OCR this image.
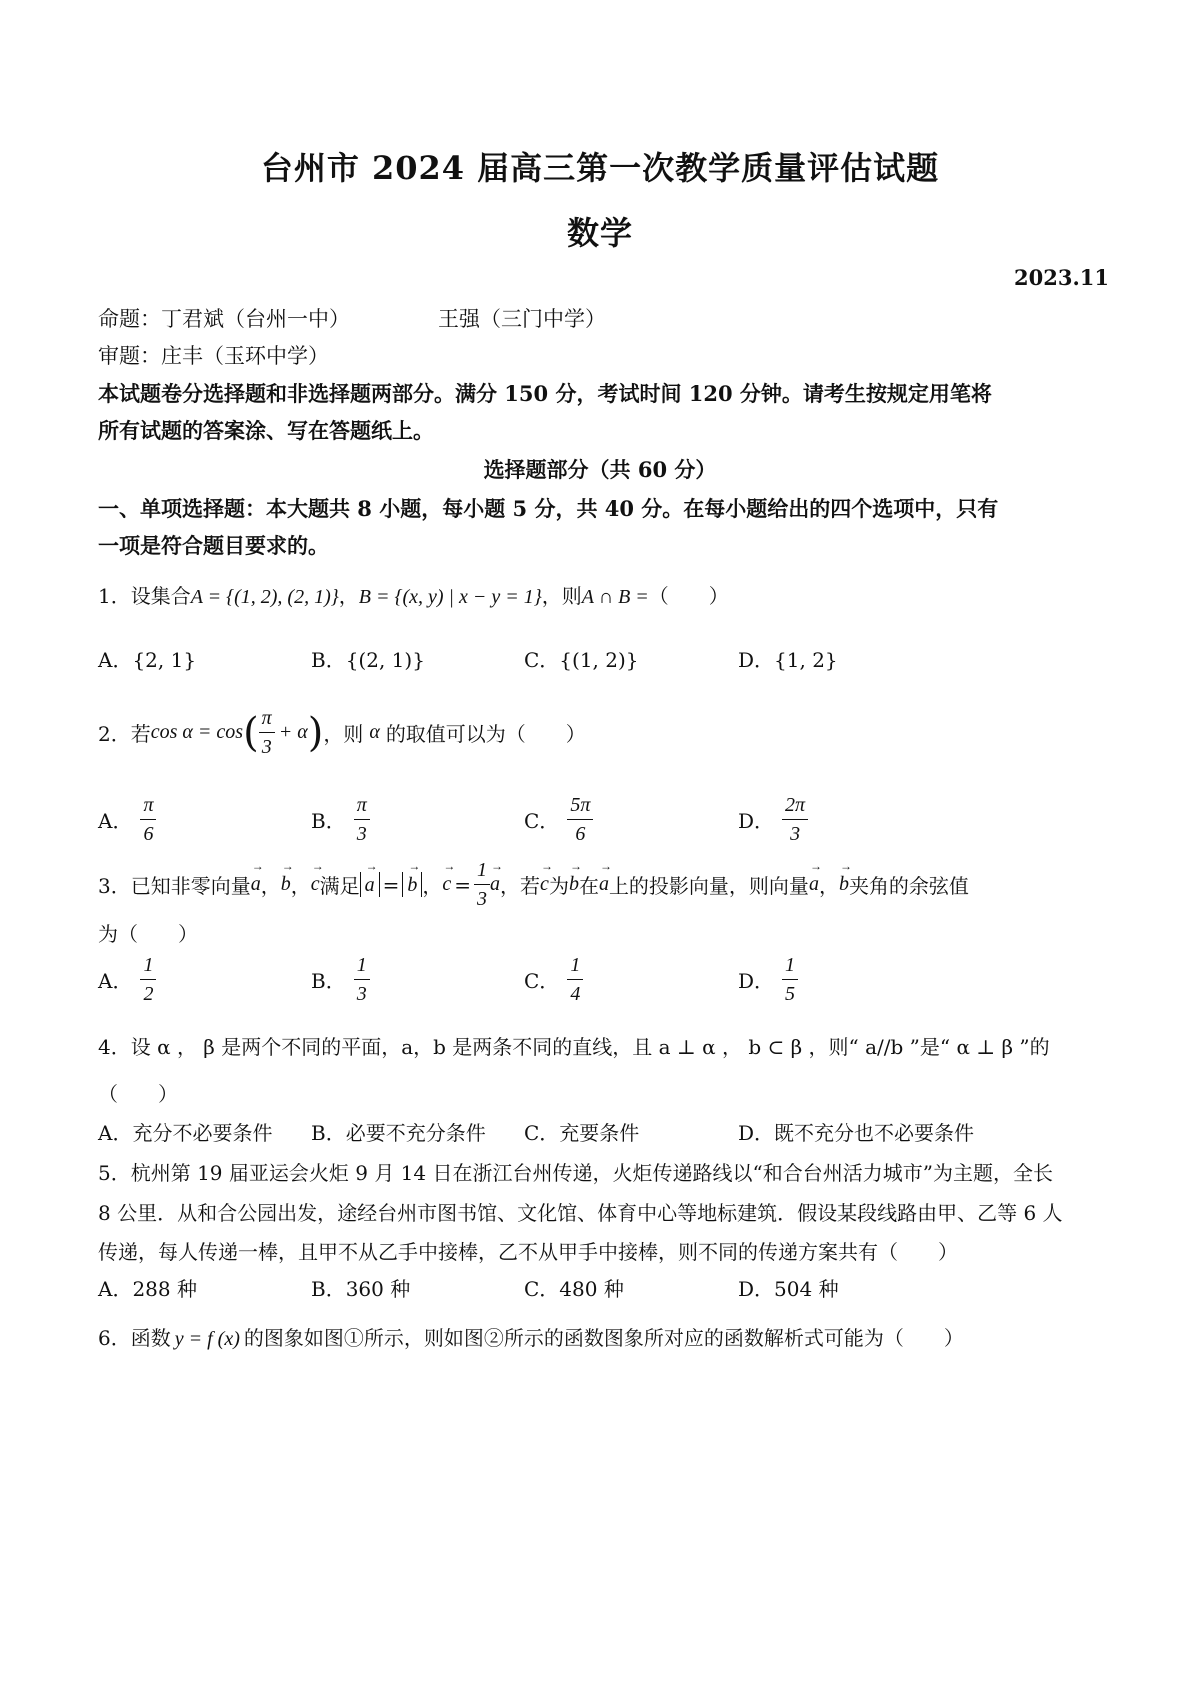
台州市 2024 届高三第一次教学质量评估试题
数学
2023.11
命题：丁君斌（台州一中）	王强（三门中学）
审题：庄丰（玉环中学）
本试题卷分选择题和非选择题两部分。满分 150 分，考试时间 120 分钟。请考生按规定用笔将
所有试题的答案涂、写在答题纸上。
选择题部分（共 60 分）
一、单项选择题：本大题共 8 小题，每小题 5 分，共 40 分。在每小题给出的四个选项中，只有
一项是符合题目要求的。
1．设集合A = {(1, 2), (2, 1)}，B = {(x, y) | x − y = 1}，则A ∩ B =（　　）
A．{2, 1}	B．{(2, 1)}	C．{(1, 2)}	D．{1, 2}
2．若 cos α = cos ( $\frac{\pi}{3} + \alpha$ ) ，则 α 的取值可以为（　　）
A． $\frac{\pi}{6}$	B． $\frac{\pi}{3}$	C． $\frac{5\pi}{6}$	D． $\frac{2\pi}{3}$
3．已知非零向量
→ a ，
→ b ，
→ c 满足
→ a =
→ b ，
→ $c = \frac{1}{3}$
→ a ，若
→ c 为
→ b 在
→ a 上的投影向量，则向量
→ a ，
→ b 夹角的余弦值
为（　　）
A． $\frac{1}{2}$	B． $\frac{1}{3}$	C． $\frac{1}{4}$	D． $\frac{1}{5}$
4．设 α ， β 是两个不同的平面，a，b 是两条不同的直线，且 a ⊥ α ， b ⊂ β ，则“ a//b ”是“ α ⊥ β ”的
（　　）
A．充分不必要条件 B．必要不充分条件 C．充要条件	D．既不充分也不必要条件
5．杭州第 19 届亚运会火炬 9 月 14 日在浙江台州传递，火炬传递路线以“和合台州活力城市”为主题，全长
8 公里．从和合公园出发，途经台州市图书馆、文化馆、体育中心等地标建筑．假设某段线路由甲、乙等 6 人
传递，每人传递一棒，且甲不从乙手中接棒，乙不从甲手中接棒，则不同的传递方案共有（　　）
A．288 种	B．360 种	C．480 种	D．504 种
6．函数 y = f (x) 的图象如图①所示，则如图②所示的函数图象所对应的函数解析式可能为（　　）
